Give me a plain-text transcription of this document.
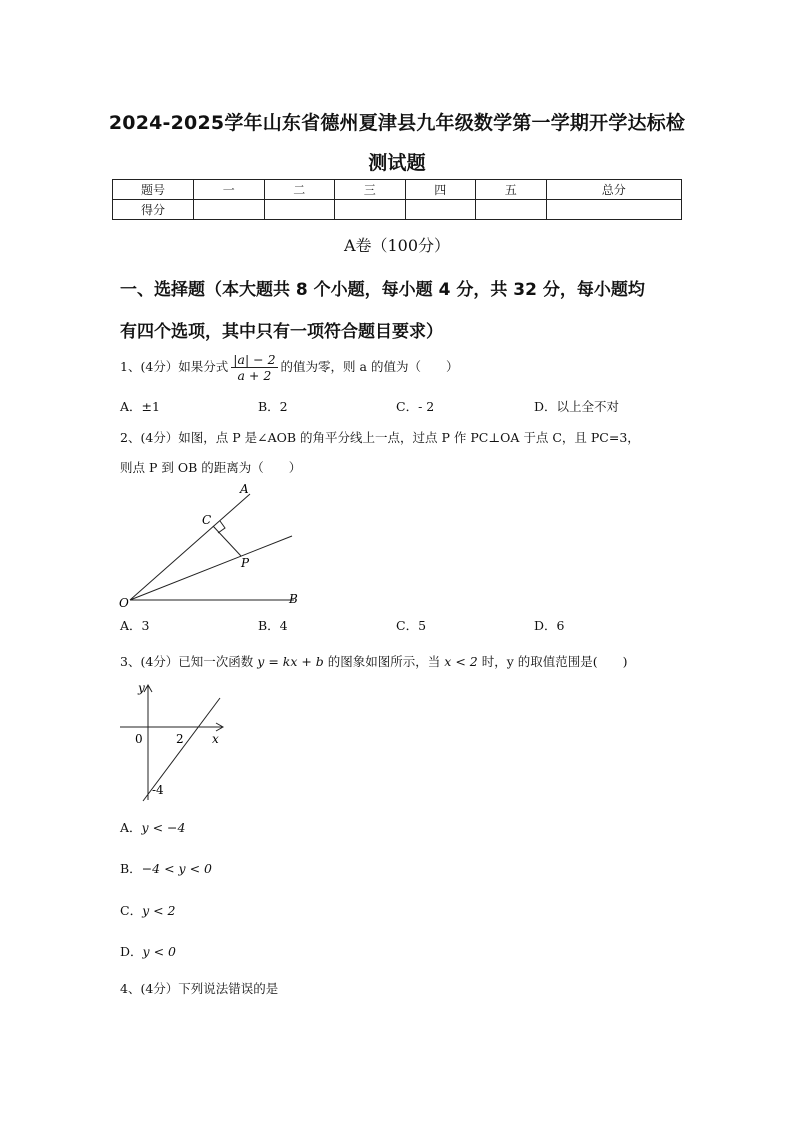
2024-2025学年山东省德州夏津县九年级数学第一学期开学达标检
测试题
题号	一	二	三	四	五	总分
得分						
A卷（100分）
一、选择题（本大题共 8 个小题，每小题 4 分，共 32 分，每小题均
有四个选项，其中只有一项符合题目要求）
1、(4分）如果分式 $\frac{|a| - 2}{a + 2}$ 的值为零，则 a 的值为（　　）
A．±1	B．2	C．- 2	D．以上全不对
2、(4分）如图，点 P 是∠AOB 的角平分线上一点，过点 P 作 PC⊥OA 于点 C，且 PC=3，
则点 P 到 OB 的距离为（　　）
A
C
P
O	B
A．3	B．4	C．5	D．6
3、(4分）已知一次函数 y = kx + b 的图象如图所示，当 x < 2 时，y 的取值范围是(　　)
y
x
0	2
-4
A．y < −4
B．−4 < y < 0
C．y < 2
D．y < 0
4、(4分）下列说法错误的是
